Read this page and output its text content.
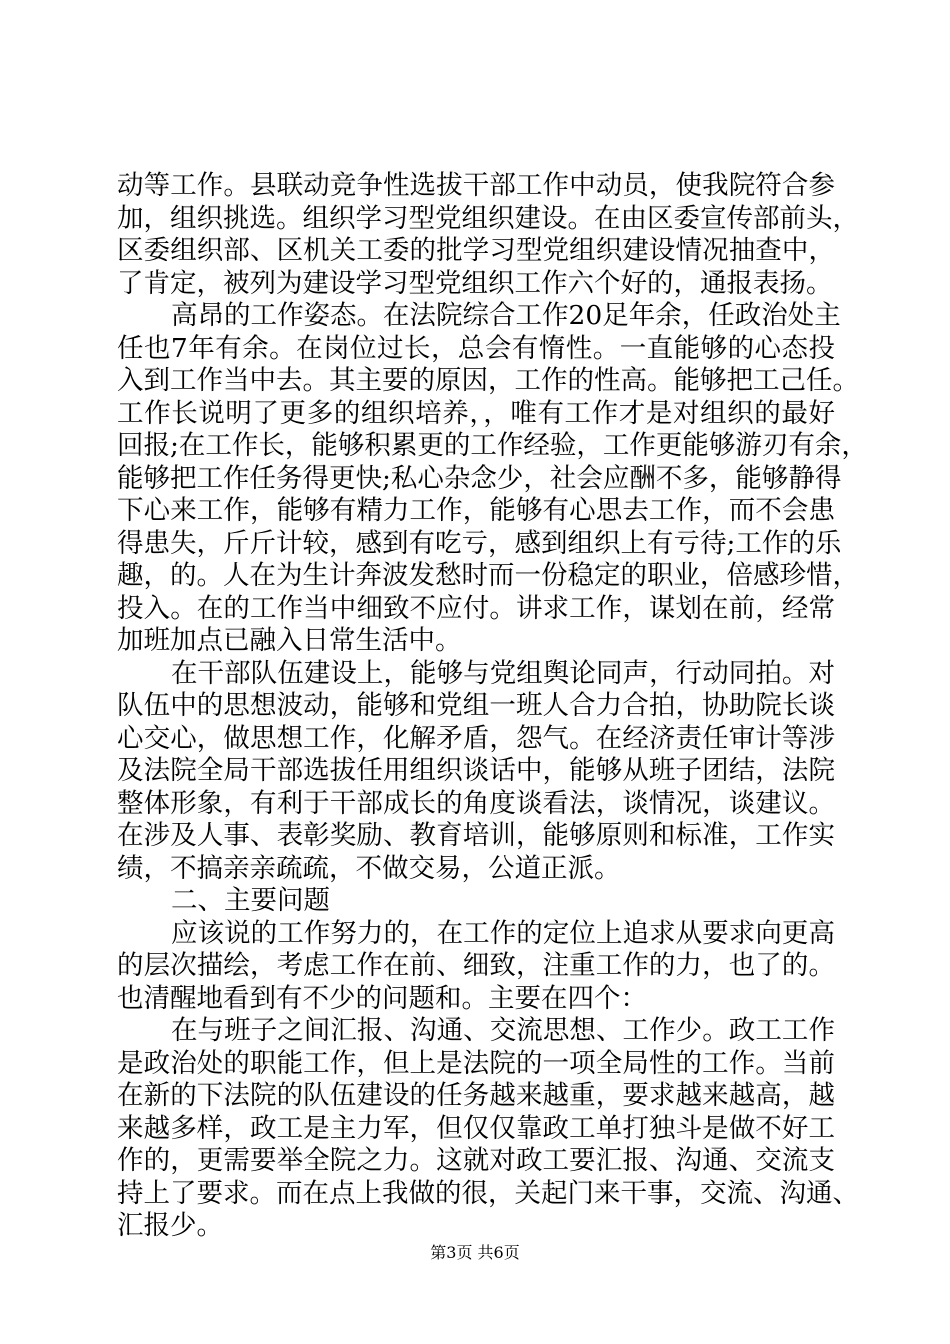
动等工作。县联动竞争性选拔干部工作中动员，使我院符合参
加，组织挑选。组织学习型党组织建设。在由区委宣传部前头，
区委组织部、区机关工委的批学习型党组织建设情况抽查中，
了肯定，被列为建设学习型党组织工作六个好的，通报表扬。
高昂的工作姿态。在法院综合工作20足年余，任政治处主
任也7年有余。在岗位过长，总会有惰性。一直能够的心态投
入到工作当中去。其主要的原因，工作的性高。能够把工己任。
工作长说明了更多的组织培养，，唯有工作才是对组织的最好
回报;在工作长，能够积累更的工作经验，工作更能够游刃有余，
能够把工作任务得更快;私心杂念少，社会应酬不多，能够静得
下心来工作，能够有精力工作，能够有心思去工作，而不会患
得患失，斤斤计较，感到有吃亏，感到组织上有亏待;工作的乐
趣，的。人在为生计奔波发愁时而一份稳定的职业，倍感珍惜，
投入。在的工作当中细致不应付。讲求工作，谋划在前，经常
加班加点已融入日常生活中。
在干部队伍建设上，能够与党组舆论同声，行动同拍。对
队伍中的思想波动，能够和党组一班人合力合拍，协助院长谈
心交心，做思想工作，化解矛盾，怨气。在经济责任审计等涉
及法院全局干部选拔任用组织谈话中，能够从班子团结，法院
整体形象，有利于干部成长的角度谈看法，谈情况，谈建议。
在涉及人事、表彰奖励、教育培训，能够原则和标准，工作实
绩，不搞亲亲疏疏，不做交易，公道正派。
二、主要问题
应该说的工作努力的，在工作的定位上追求从要求向更高
的层次描绘，考虑工作在前、细致，注重工作的力，也了的。
也清醒地看到有不少的问题和。主要在四个：
在与班子之间汇报、沟通、交流思想、工作少。政工工作
是政治处的职能工作，但上是法院的一项全局性的工作。当前
在新的下法院的队伍建设的任务越来越重，要求越来越高，越
来越多样，政工是主力军，但仅仅靠政工单打独斗是做不好工
作的，更需要举全院之力。这就对政工要汇报、沟通、交流支
持上了要求。而在点上我做的很，关起门来干事，交流、沟通、
汇报少。
第3页 共6页
